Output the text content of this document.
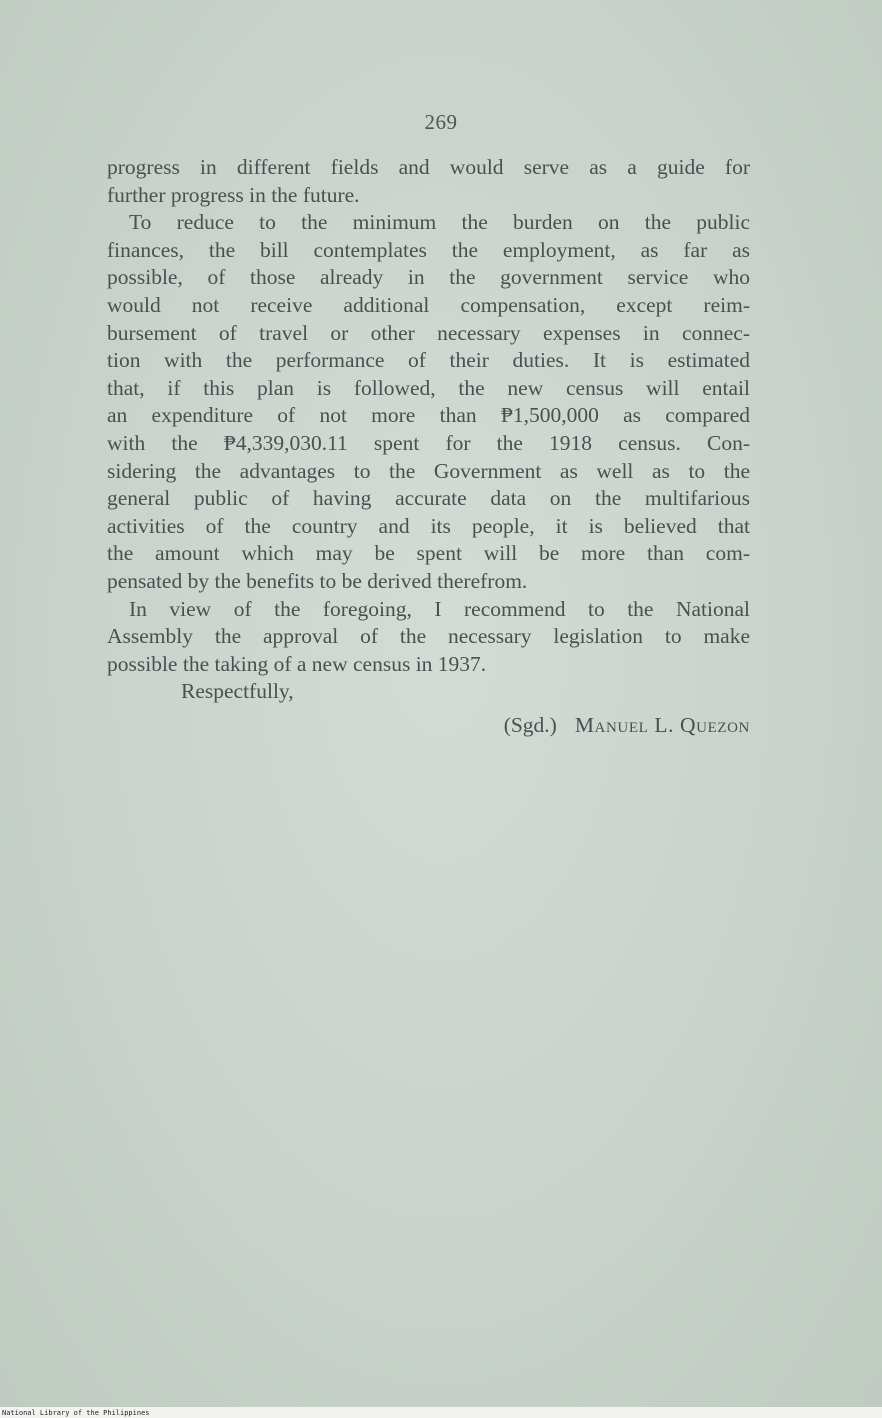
269
progress in different fields and would serve as a guide for
further progress in the future.
To reduce to the minimum the burden on the public
finances, the bill contemplates the employment, as far as
possible, of those already in the government service who
would not receive additional compensation, except reim-
bursement of travel or other necessary expenses in connec-
tion with the performance of their duties. It is estimated
that, if this plan is followed, the new census will entail
an expenditure of not more than ₱1,500,000 as compared
with the ₱4,339,030.11 spent for the 1918 census. Con-
sidering the advantages to the Government as well as to the
general public of having accurate data on the multifarious
activities of the country and its people, it is believed that
the amount which may be spent will be more than com-
pensated by the benefits to be derived therefrom.
In view of the foregoing, I recommend to the National
Assembly the approval of the necessary legislation to make
possible the taking of a new census in 1937.
Respectfully,
(Sgd.) Manuel L. Quezon
National Library of the Philippines
